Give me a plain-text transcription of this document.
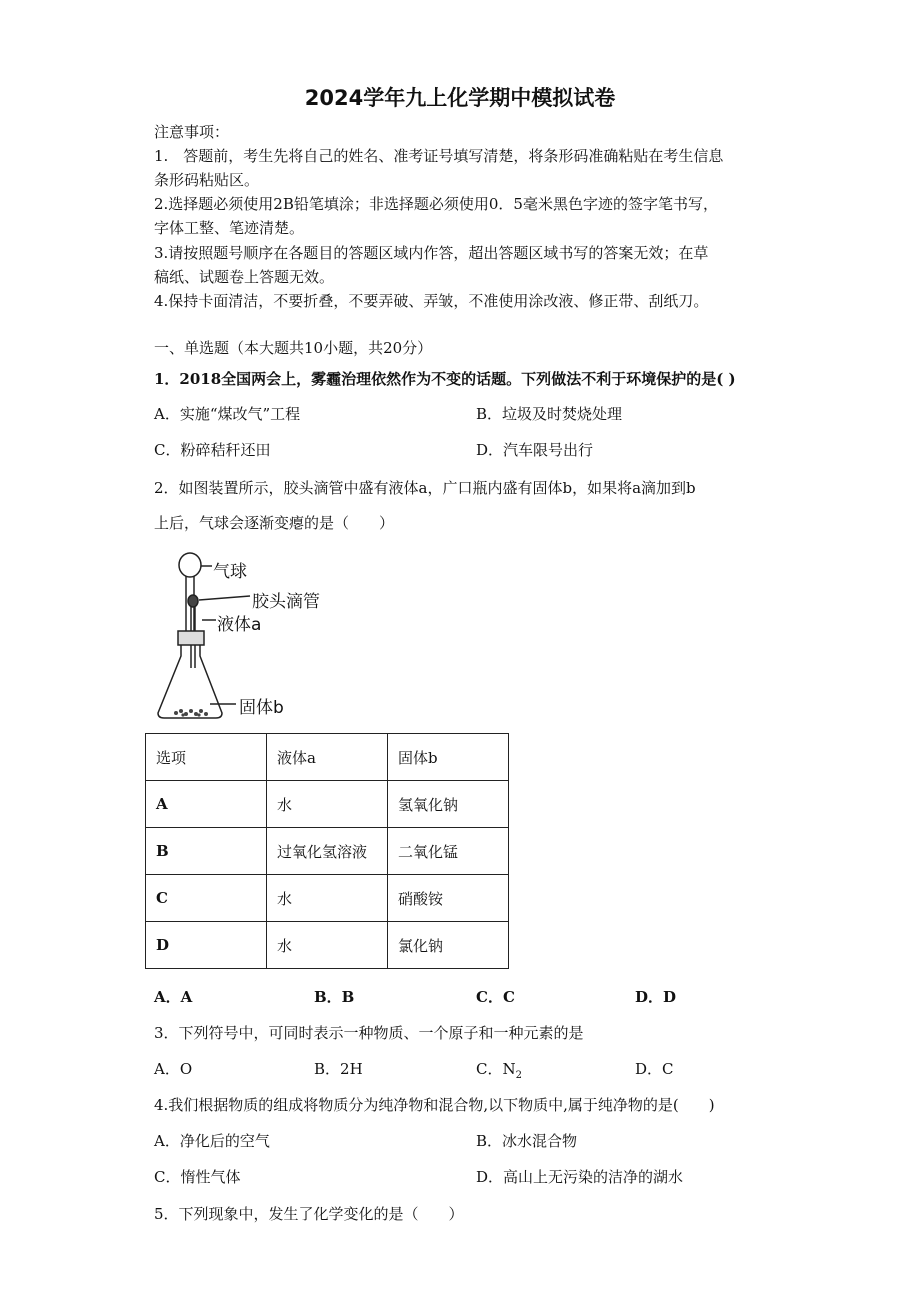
2024学年九上化学期中模拟试卷
注意事项：
1.　答题前，考生先将自己的姓名、准考证号填写清楚，将条形码准确粘贴在考生信息
条形码粘贴区。
2.选择题必须使用2B铅笔填涂；非选择题必须使用0．5毫米黑色字迹的签字笔书写，
字体工整、笔迹清楚。
3.请按照题号顺序在各题目的答题区域内作答，超出答题区域书写的答案无效；在草
稿纸、试题卷上答题无效。
4.保持卡面清洁，不要折叠，不要弄破、弄皱，不准使用涂改液、修正带、刮纸刀。
一、单选题（本大题共10小题，共20分）
1．2018全国两会上，雾霾治理依然作为不变的话题。下列做法不利于环境保护的是( )
A．实施“煤改气”工程	B．垃圾及时焚烧处理
C．粉碎秸秆还田	D．汽车限号出行
2．如图装置所示，胶头滴管中盛有液体a，广口瓶内盛有固体b，如果将a滴加到b
上后，气球会逐渐变瘪的是（　　）
气球
胶头滴管
液体a
固体b
选项	液体a	固体b
A	水	氢氧化钠
B	过氧化氢溶液	二氧化锰
C	水	硝酸铵
D	水	氯化钠
A．A	B．B	C．C	D．D
3．下列符号中，可同时表示一种物质、一个原子和一种元素的是
A．O	B．2H	C．$N_2$	D．C
4.我们根据物质的组成将物质分为纯净物和混合物,以下物质中,属于纯净物的是(　　)
A．净化后的空气	B．冰水混合物
C．惰性气体	D．高山上无污染的洁净的湖水
5．下列现象中，发生了化学变化的是（　　）
